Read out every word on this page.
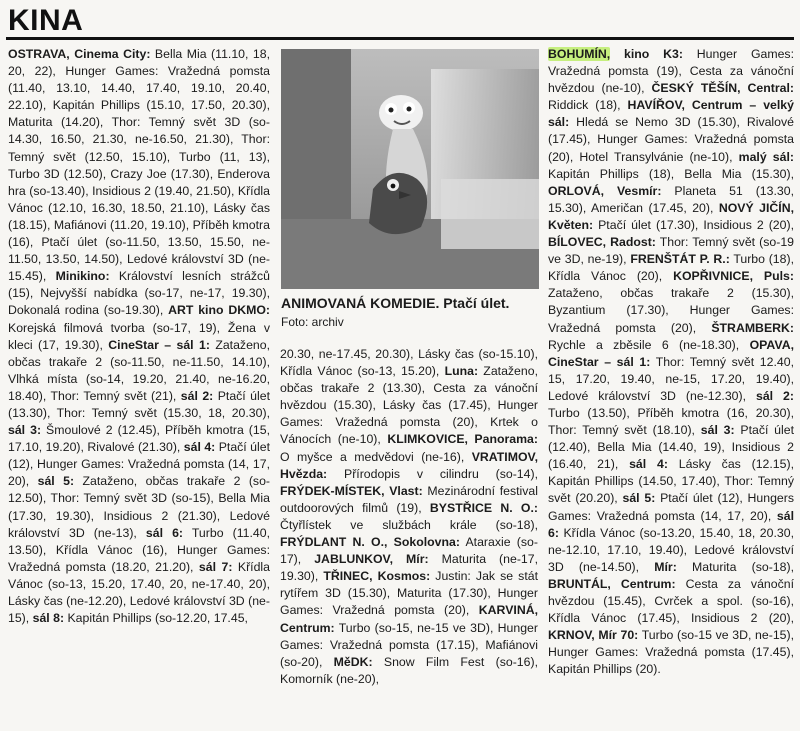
KINA
OSTRAVA, Cinema City: Bella Mia (11.10, 18, 20, 22), Hunger Games: Vražedná pomsta (11.40, 13.10, 14.40, 17.40, 19.10, 20.40, 22.10), Kapitán Phillips (15.10, 17.50, 20.30), Maturita (14.20), Thor: Temný svět 3D (so-14.30, 16.50, 21.30, ne-16.50, 21.30), Thor: Temný svět (12.50, 15.10), Turbo (11, 13), Turbo 3D (12.50), Crazy Joe (17.30), Enderova hra (so-13.40), Insidious 2 (19.40, 21.50), Křídla Vánoc (12.10, 16.30, 18.50, 21.10), Lásky čas (18.15), Mafiánovi (11.20, 19.10), Příběh kmotra (16), Ptačí úlet (so-11.50, 13.50, 15.50, ne-11.50, 13.50, 14.50), Ledové království 3D (ne-15.45), Minikino: Království lesních strážců (15), Nejvyšší nabídka (so-17, ne-17, 19.30), Dokonalá rodina (so-19.30), ART kino DKMO: Korejská filmová tvorba (so-17, 19), Žena v kleci (17, 19.30), CineStar – sál 1: Zataženo, občas trakaře 2 (so-11.50, ne-11.50, 14.10), Vlhká místa (so-14, 19.20, 21.40, ne-16.20, 18.40), Thor: Temný svět (21), sál 2: Ptačí úlet (13.30), Thor: Temný svět (15.30, 18, 20.30), sál 3: Šmoulové 2 (12.45), Příběh kmotra (15, 17.10, 19.20), Rivalové (21.30), sál 4: Ptačí úlet (12), Hunger Games: Vražedná pomsta (14, 17, 20), sál 5: Zataženo, občas trakaře 2 (so-12.50), Thor: Temný svět 3D (so-15), Bella Mia (17.30, 19.30), Insidious 2 (21.30), Ledové království 3D (ne-13), sál 6: Turbo (11.40, 13.50), Křídla Vánoc (16), Hunger Games: Vražedná pomsta (18.20, 21.20), sál 7: Křídla Vánoc (so-13, 15.20, 17.40, 20, ne-17.40, 20), Lásky čas (ne-12.20), Ledové království 3D (ne-15), sál 8: Kapitán Phillips (so-12.20, 17.45,
ANIMOVANÁ KOMEDIE. Ptačí úlet. Foto: archiv
20.30, ne-17.45, 20.30), Lásky čas (so-15.10), Křídla Vánoc (so-13, 15.20), Luna: Zataženo, občas trakaře 2 (13.30), Cesta za vánoční hvězdou (15.30), Lásky čas (17.45), Hunger Games: Vražedná pomsta (20), Krtek o Vánocích (ne-10), KLIMKOVICE, Panorama: O myšce a medvědovi (ne-16), VRATIMOV, Hvězda: Přírodopis v cilindru (so-14), FRÝDEK-MÍSTEK, Vlast: Mezinárodní festival outdoorových filmů (19), BYSTŘICE N. O.: Čtyřlístek ve službách krále (so-18), FRÝDLANT N. O., Sokolovna: Ataraxie (so-17), JABLUNKOV, Mír: Maturita (ne-17, 19.30), TŘINEC, Kosmos: Justin: Jak se stát rytířem 3D (15.30), Maturita (17.30), Hunger Games: Vražedná pomsta (20), KARVINÁ, Centrum: Turbo (so-15, ne-15 ve 3D), Hunger Games: Vražedná pomsta (17.15), Mafiánovi (so-20), MěDK: Snow Film Fest (so-16), Komorník (ne-20),
BOHUMÍN, kino K3: Hunger Games: Vražedná pomsta (19), Cesta za vánoční hvězdou (ne-10), ČESKÝ TĚŠÍN, Central: Riddick (18), HAVÍŘOV, Centrum – velký sál: Hledá se Nemo 3D (15.30), Rivalové (17.45), Hunger Games: Vražedná pomsta (20), Hotel Transylvánie (ne-10), malý sál: Kapitán Phillips (18), Bella Mia (15.30), ORLOVÁ, Vesmír: Planeta 51 (13.30, 15.30), Američan (17.45, 20), NOVÝ JIČÍN, Květen: Ptačí úlet (17.30), Insidious 2 (20), BÍLOVEC, Radost: Thor: Temný svět (so-19 ve 3D, ne-19), FRENŠTÁT P. R.: Turbo (18), Křídla Vánoc (20), KOPŘIVNICE, Puls: Zataženo, občas trakaře 2 (15.30), Byzantium (17.30), Hunger Games: Vražedná pomsta (20), ŠTRAMBERK: Rychle a zběsile 6 (ne-18.30), OPAVA, CineStar – sál 1: Thor: Temný svět 12.40, 15, 17.20, 19.40, ne-15, 17.20, 19.40), Ledové království 3D (ne-12.30), sál 2: Turbo (13.50), Příběh kmotra (16, 20.30), Thor: Temný svět (18.10), sál 3: Ptačí úlet (12.40), Bella Mia (14.40, 19), Insidious 2 (16.40, 21), sál 4: Lásky čas (12.15), Kapitán Phillips (14.50, 17.40), Thor: Temný svět (20.20), sál 5: Ptačí úlet (12), Hungers Games: Vražedná pomsta (14, 17, 20), sál 6: Křídla Vánoc (so-13.20, 15.40, 18, 20.30, ne-12.10, 17.10, 19.40), Ledové království 3D (ne-14.50), Mír: Maturita (so-18), BRUNTÁL, Centrum: Cesta za vánoční hvězdou (15.45), Cvrček a spol. (so-16), Křídla Vánoc (17.45), Insidious 2 (20), KRNOV, Mír 70: Turbo (so-15 ve 3D, ne-15), Hunger Games: Vražedná pomsta (17.45), Kapitán Phillips (20).
